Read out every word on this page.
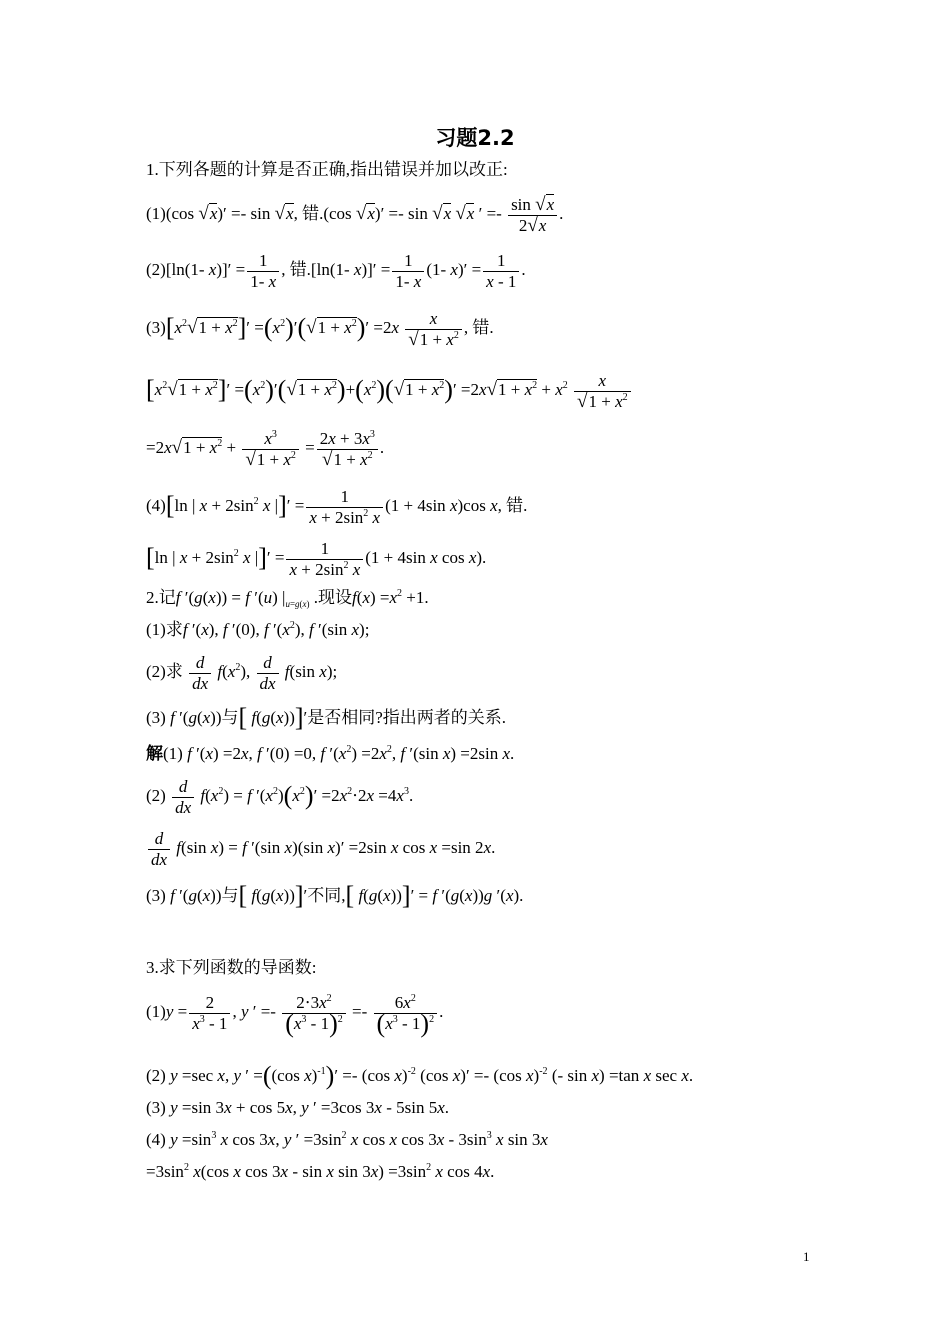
习题2.2
1.下列各题的计算是否正确,指出错误并加以改正:
(1)(cos √x)′ =- sin √x, 错.(cos √x)′ =- sin √x √x ′ =- $\frac{\sin √x}{2√x}$ .
(2)[ln(1- $x)]' = \frac{1}{1- x}$ , 错.[ln(1- $x)]' = \frac{1}{1- x} (1-$ $x)' = \frac{1}{x - 1}$ .
$(3)[x^2√1 + x^2]' =(x^2)'(√1 + x^2)' =2x \frac{x}{√1 + x^2}$ , 错.
$[x^2√1 + x^2]' =(x^2)'(√1 + x^2)+(x^2)(√1 + x^2)' =2x√1 + x^2 + x^2 \frac{x}{√1 + x^2}$
$=2x√1 + x^2 + \frac{x^3}{√1 + x^2} = \frac{2x + 3x^3}{√1 + x^2}$ .
(4)[ln | $x + 2\sin^2$ x |]′ = $\frac{1}{x + 2\sin^2 x} (1 + 4\sin$ x)cos x, 错.
[ln | $x + 2\sin^2$ x |]′ = $\frac{1}{x + 2\sin^2 x} (1 + 4\sin$ x cos x).
2.记f ′(g(x)) = f ′(u) $|_{u=g(x)}$ .现设$f(x) =x^2 +1$.
(1)求f ′(x), f ′(0), f $'(x^2)$, f ′(sin x);
(2)求 $\frac{d}{dx} f(x^2)$, $\frac{d}{dx} f(\sin$ x);
(3) f ′(g(x))与[ f(g(x))]′是否相同?指出两者的关系.
解(1) f ′(x) =2x, f ′(0) =0, f $'(x^2) =2x^2$, f ′(sin x) =2sin x.
$(2) \frac{d}{dx} f(x^2) = f$ $'(x^2)(x^2)' =2x^2\cdot 2x =4x^3$.
$\frac{d}{dx} f(\sin$ x) = f ′(sin x)(sin x)′ =2sin x cos x =sin 2x.
(3) f ′(g(x))与[ f(g(x))]′不同,[ f(g(x))]′ = f ′(g(x))g ′(x).
3.求下列函数的导函数:
$(1)y = \frac{2}{x^3 - 1}$ , y ′ =- $\frac{2\cdot 3x^2}{(x^3 - 1)^2} =- \frac{6x^2}{(x^3 - 1)^2}$ .
(2) y =sec x, y ′ =((cos x)$^{-1}$)′ =- (cos x)$^{-2}$ (cos x)′ =- (cos x)$^{-2}$ (- sin x) =tan x sec x.
(3) y =sin 3x + cos 5x, y ′ =3cos 3x - 5sin 5x.
(4) $y =\sin^3$ x cos 3x, y ′ $=3\sin^2$ x cos x $\cos 3x - 3\sin^3$ x sin 3x
$=3\sin^2$ x(cos x cos 3x - sin x $\sin 3x) =3\sin^2$ x cos 4x.
1
